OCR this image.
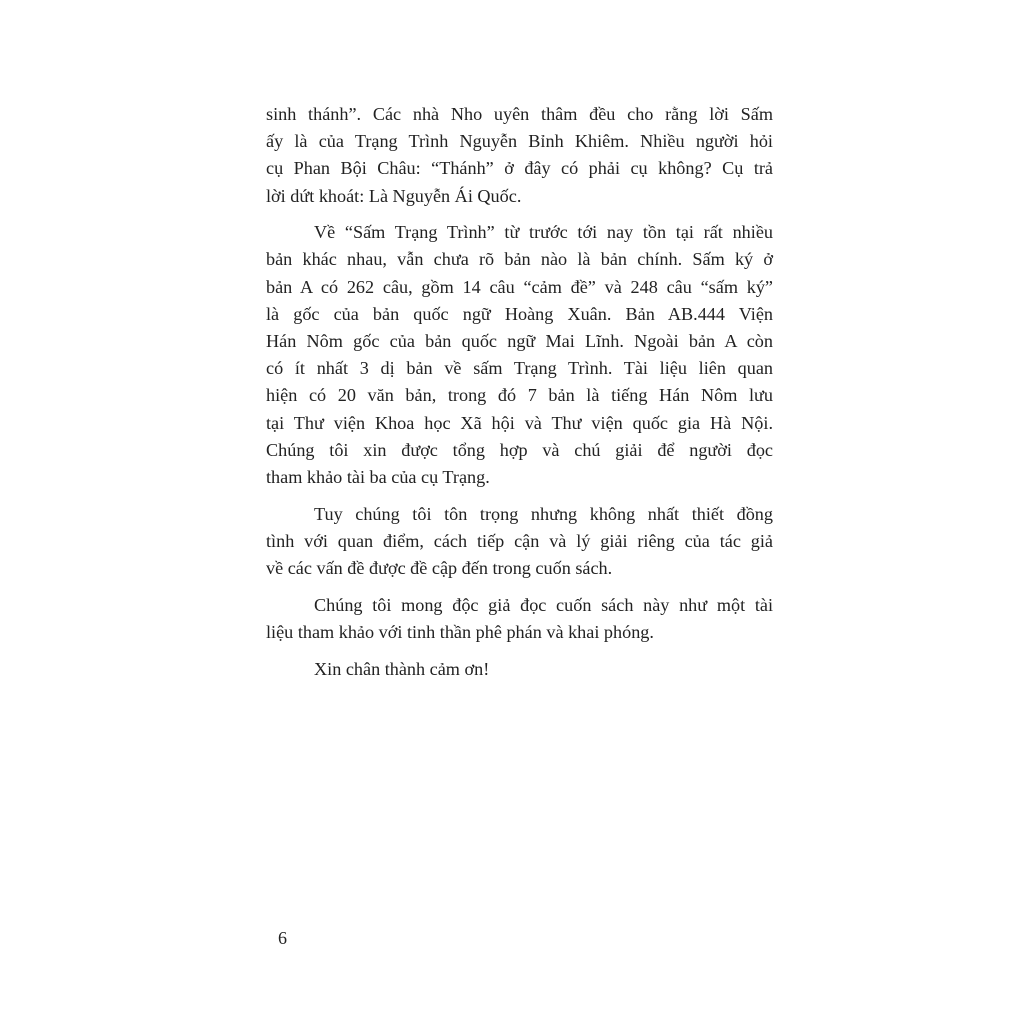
sinh thánh”. Các nhà Nho uyên thâm đều cho rằng lời Sấm
ấy là của Trạng Trình Nguyễn Bỉnh Khiêm. Nhiều người hỏi
cụ Phan Bội Châu: “Thánh” ở đây có phải cụ không? Cụ trả
lời dứt khoát: Là Nguyễn Ái Quốc.
Về “Sấm Trạng Trình” từ trước tới nay tồn tại rất nhiều
bản khác nhau, vẫn chưa rõ bản nào là bản chính. Sấm ký ở
bản A có 262 câu, gồm 14 câu “cảm đề” và 248 câu “sấm ký”
là gốc của bản quốc ngữ Hoàng Xuân. Bản AB.444 Viện
Hán Nôm gốc của bản quốc ngữ Mai Lĩnh. Ngoài bản A còn
có ít nhất 3 dị bản về sấm Trạng Trình. Tài liệu liên quan
hiện có 20 văn bản, trong đó 7 bản là tiếng Hán Nôm lưu
tại Thư viện Khoa học Xã hội và Thư viện quốc gia Hà Nội.
Chúng tôi xin được tổng hợp và chú giải để người đọc
tham khảo tài ba của cụ Trạng.
Tuy chúng tôi tôn trọng nhưng không nhất thiết đồng
tình với quan điểm, cách tiếp cận và lý giải riêng của tác giả
về các vấn đề được đề cập đến trong cuốn sách.
Chúng tôi mong độc giả đọc cuốn sách này như một tài
liệu tham khảo với tinh thần phê phán và khai phóng.
Xin chân thành cảm ơn!
6
